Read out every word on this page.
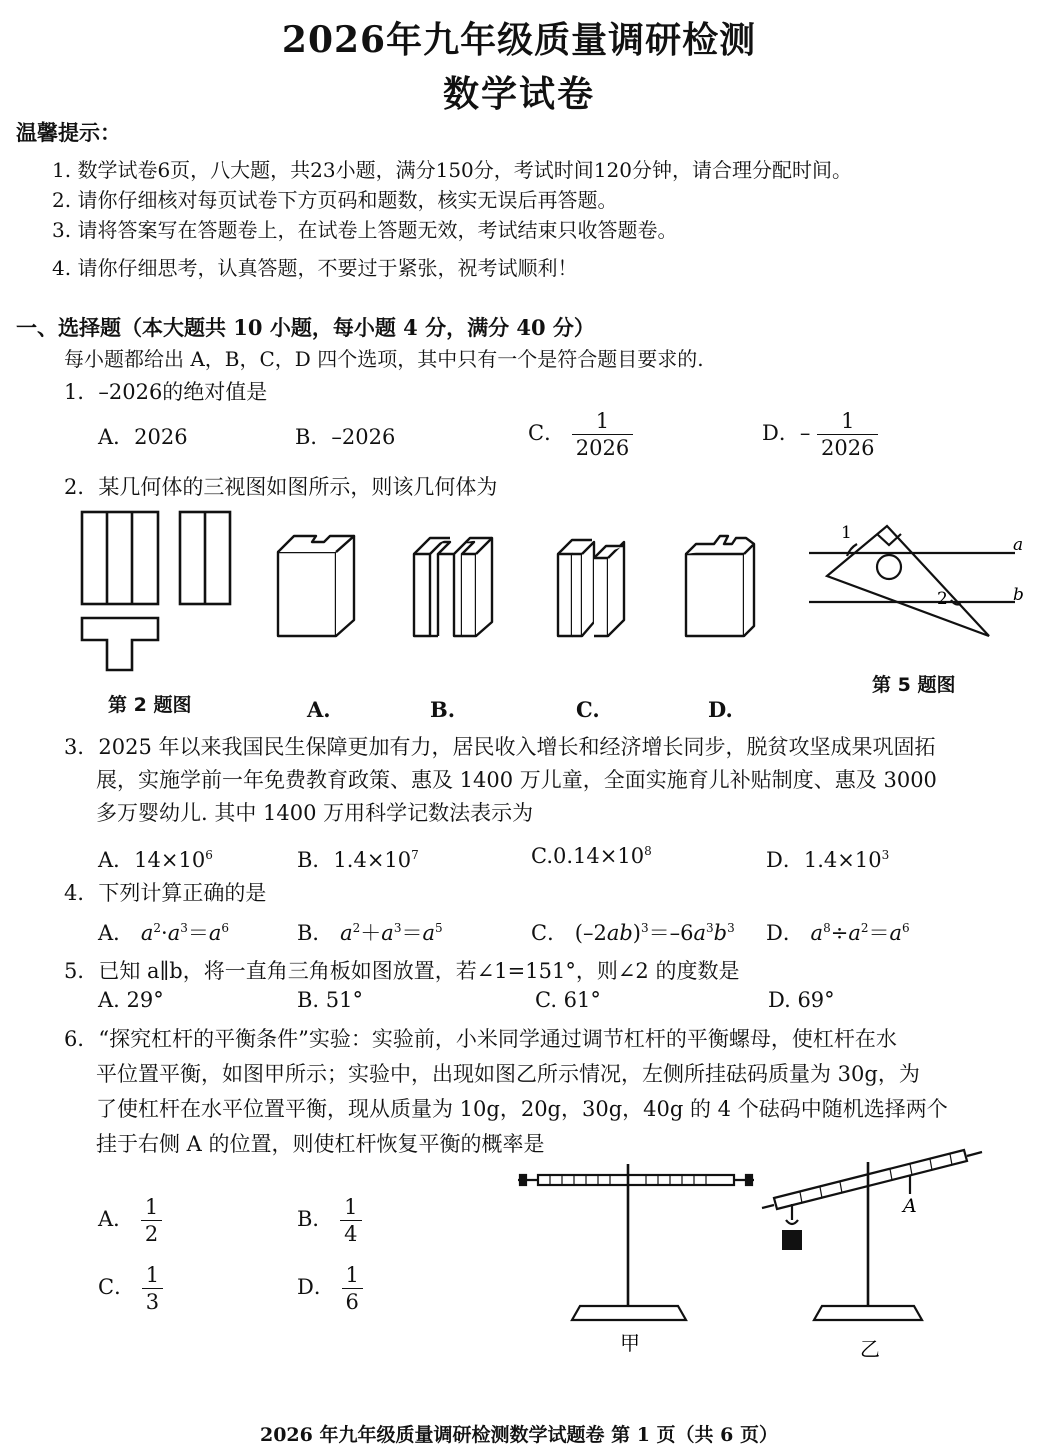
2026年九年级质量调研检测
数学试卷
温馨提示：
1. 数学试卷6页，八大题，共23小题，满分150分，考试时间120分钟，请合理分配时间。
2. 请你仔细核对每页试卷下方页码和题数，核实无误后再答题。
3. 请将答案写在答题卷上，在试卷上答题无效，考试结束只收答题卷。
4. 请你仔细思考，认真答题，不要过于紧张，祝考试顺利！
一、选择题（本大题共 10 小题，每小题 4 分，满分 40 分）
每小题都给出 A，B，C，D 四个选项，其中只有一个是符合题目要求的.
1．–2026的绝对值是
A．2026	B．–2026	C． $\frac{1}{2026}$	D．– $\frac{1}{2026}$
2．某几何体的三视图如图所示，则该几何体为
第 2 题图	A.	B.	C.	D.
1
2
a
b
第 5 题图
3．2025 年以来我国民生保障更加有力，居民收入增长和经济增长同步，脱贫攻坚成果巩固拓
展，实施学前一年免费教育政策、惠及 1400 万儿童，全面实施育儿补贴制度、惠及 3000
多万婴幼儿. 其中 1400 万用科学记数法表示为
A．$14\times 10^6$	B．$1.4\times 10^7$	$C.0.14\times 10^8$	D．$1.4\times 10^3$
4．下列计算正确的是
A． $a^2\cdot a^3=a^6$	B． $a^2+a^3=a^5$	C． $(-2ab)^3=-6a^3b^3$ D． $a^8\div a^2=a^6$
5．已知 a∥b，将一直角三角板如图放置，若∠1=151°，则∠2 的度数是
A. 29°	B. 51°	C. 61°	D. 69°
6．“探究杠杆的平衡条件”实验：实验前，小米同学通过调节杠杆的平衡螺母，使杠杆在水
平位置平衡，如图甲所示；实验中，出现如图乙所示情况，左侧所挂砝码质量为 30g，为
了使杠杆在水平位置平衡，现从质量为 10g，20g，30g，40g 的 4 个砝码中随机选择两个
挂于右侧 A 的位置，则使杠杆恢复平衡的概率是
A． $\frac{1}{2}$	B． $\frac{1}{4}$
C． $\frac{1}{3}$	D． $\frac{1}{6}$
甲
A
乙
2026 年九年级质量调研检测数学试题卷 第 1 页（共 6 页）
